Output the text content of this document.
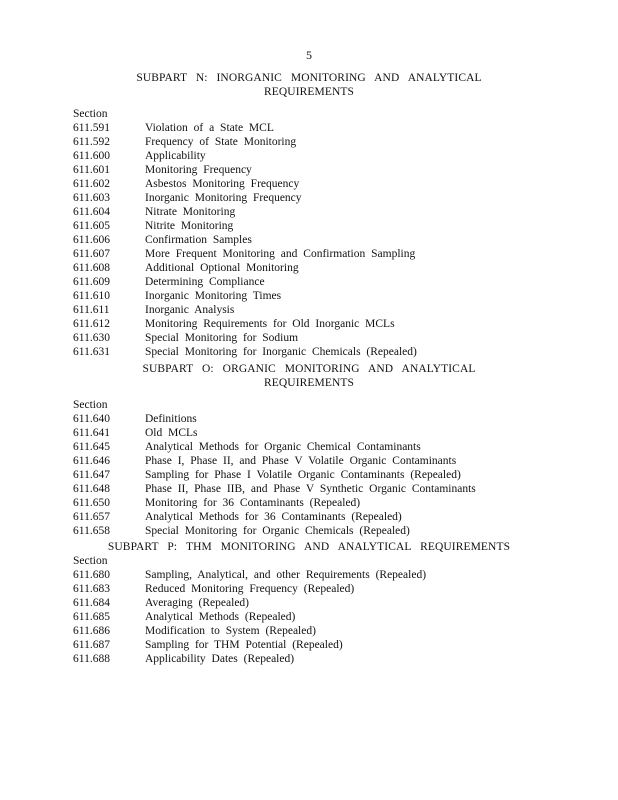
5
SUBPART N: INORGANIC MONITORING AND ANALYTICAL
REQUIREMENTS
Section
611.591	Violation of a State MCL
611.592	Frequency of State Monitoring
611.600	Applicability
611.601	Monitoring Frequency
611.602	Asbestos Monitoring Frequency
611.603	Inorganic Monitoring Frequency
611.604	Nitrate Monitoring
611.605	Nitrite Monitoring
611.606	Confirmation Samples
611.607	More Frequent Monitoring and Confirmation Sampling
611.608	Additional Optional Monitoring
611.609	Determining Compliance
611.610	Inorganic Monitoring Times
611.611	Inorganic Analysis
611.612	Monitoring Requirements for Old Inorganic MCLs
611.630	Special Monitoring for Sodium
611.631	Special Monitoring for Inorganic Chemicals (Repealed)
SUBPART O: ORGANIC MONITORING AND ANALYTICAL
REQUIREMENTS
Section
611.640	Definitions
611.641	Old MCLs
611.645	Analytical Methods for Organic Chemical Contaminants
611.646	Phase I, Phase II, and Phase V Volatile Organic Contaminants
611.647	Sampling for Phase I Volatile Organic Contaminants (Repealed)
611.648	Phase II, Phase IIB, and Phase V Synthetic Organic Contaminants
611.650	Monitoring for 36 Contaminants (Repealed)
611.657	Analytical Methods for 36 Contaminants (Repealed)
611.658	Special Monitoring for Organic Chemicals (Repealed)
SUBPART P: THM MONITORING AND ANALYTICAL REQUIREMENTS
Section
611.680	Sampling, Analytical, and other Requirements (Repealed)
611.683	Reduced Monitoring Frequency (Repealed)
611.684	Averaging (Repealed)
611.685	Analytical Methods (Repealed)
611.686	Modification to System (Repealed)
611.687	Sampling for THM Potential (Repealed)
611.688	Applicability Dates (Repealed)
